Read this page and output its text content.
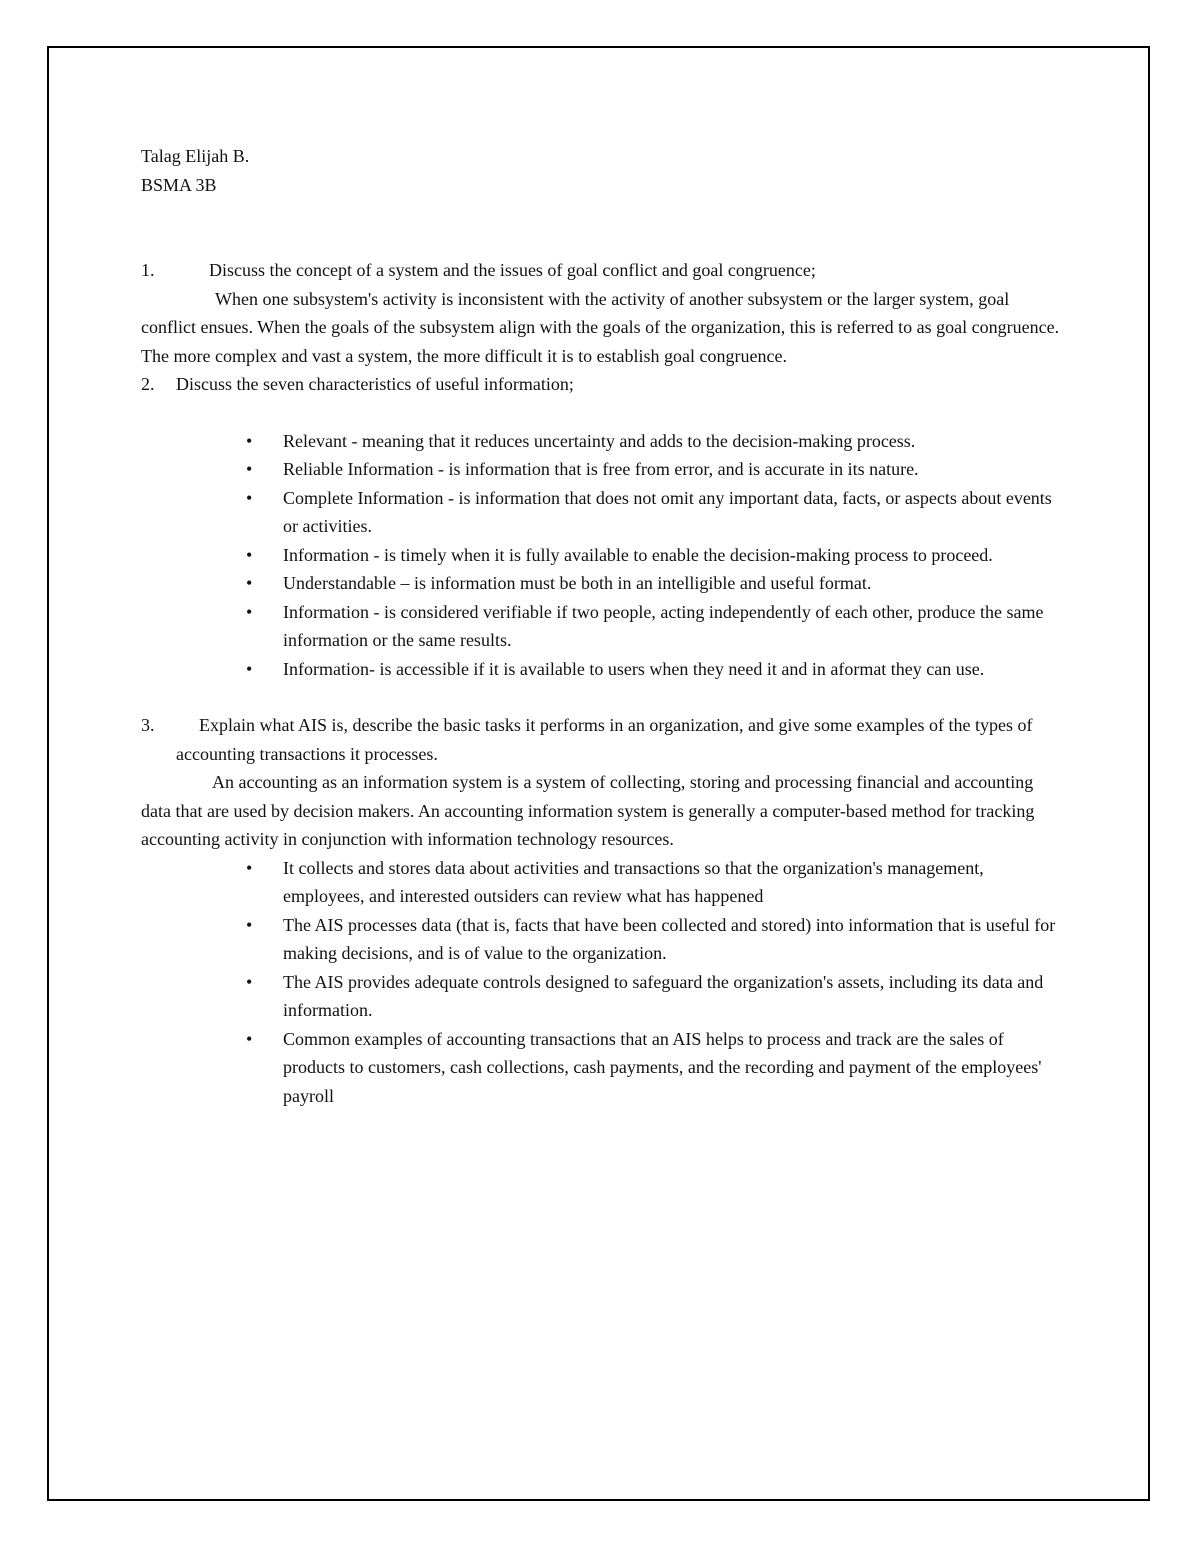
Talag Elijah B.

BSMA 3B

1.	Discuss the concept of a system and the issues of goal conflict and goal congruence;

When one subsystem's activity is inconsistent with the activity of another subsystem or the larger system, goal conflict ensues. When the goals of the subsystem align with the goals of the organization, this is referred to as goal congruence. The more complex and vast a system, the more difficult it is to establish goal congruence.

2.	Discuss the seven characteristics of useful information;

• Relevant - meaning that it reduces uncertainty and adds to the decision-making process.
• Reliable Information - is information that is free from error, and is accurate in its nature.
• Complete Information - is information that does not omit any important data, facts, or aspects about events or activities.
• Information - is timely when it is fully available to enable the decision-making process to proceed.
• Understandable – is information must be both in an intelligible and useful format.
• Information - is considered verifiable if two people, acting independently of each other, produce the same information or the same results.
• Information- is accessible if it is available to users when they need it and in aformat they can use.
3.	Explain what AIS is, describe the basic tasks it performs in an organization, and give some examples of the types of accounting transactions it processes.

An accounting as an information system is a system of collecting, storing and processing financial and accounting data that are used by decision makers. An accounting information system is generally a computer-based method for tracking accounting activity in conjunction with information technology resources.

• It collects and stores data about activities and transactions so that the organization's management, employees, and interested outsiders can review what has happened
• The AIS processes data (that is, facts that have been collected and stored) into information that is useful for making decisions, and is of value to the organization.
• The AIS provides adequate controls designed to safeguard the organization's assets, including its data and information.
• Common examples of accounting transactions that an AIS helps to process and track are the sales of products to customers, cash collections, cash payments, and the recording and payment of the employees' payroll
